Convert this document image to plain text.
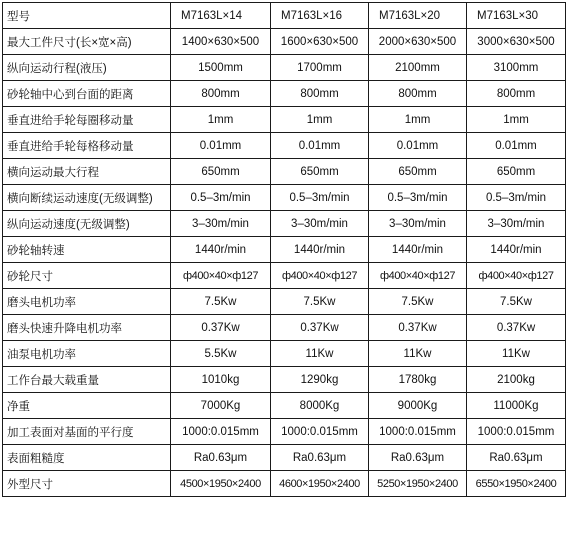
型号	M7163L×14	M7163L×16	M7163L×20	M7163L×30
最大工件尺寸(长×宽×高)	1400×630×500	1600×630×500	2000×630×500	3000×630×500
纵向运动行程(液压)	1500mm	1700mm	2100mm	3100mm
砂轮轴中心到台面的距离	800mm	800mm	800mm	800mm
垂直进给手轮每圈移动量	1mm	1mm	1mm	1mm
垂直进给手轮每格移动量	0.01mm	0.01mm	0.01mm	0.01mm
横向运动最大行程	650mm	650mm	650mm	650mm
横向断续运动速度(无级调整)	0.5–3m/min	0.5–3m/min	0.5–3m/min	0.5–3m/min
纵向运动速度(无级调整)	3–30m/min	3–30m/min	3–30m/min	3–30m/min
砂轮轴转速	1440r/min	1440r/min	1440r/min	1440r/min
砂轮尺寸	ф400×40×ф127	ф400×40×ф127	ф400×40×ф127	ф400×40×ф127
磨头电机功率	7.5Kw	7.5Kw	7.5Kw	7.5Kw
磨头快速升降电机功率	0.37Kw	0.37Kw	0.37Kw	0.37Kw
油泵电机功率	5.5Kw	11Kw	11Kw	11Kw
工作台最大载重量	1010kg	1290kg	1780kg	2100kg
净重	7000Kg	8000Kg	9000Kg	11000Kg
加工表面对基面的平行度	1000:0.015mm	1000:0.015mm	1000:0.015mm	1000:0.015mm
表面粗糙度	Ra0.63μm	Ra0.63μm	Ra0.63μm	Ra0.63μm
外型尺寸	4500×1950×2400	4600×1950×2400	5250×1950×2400	6550×1950×2400
